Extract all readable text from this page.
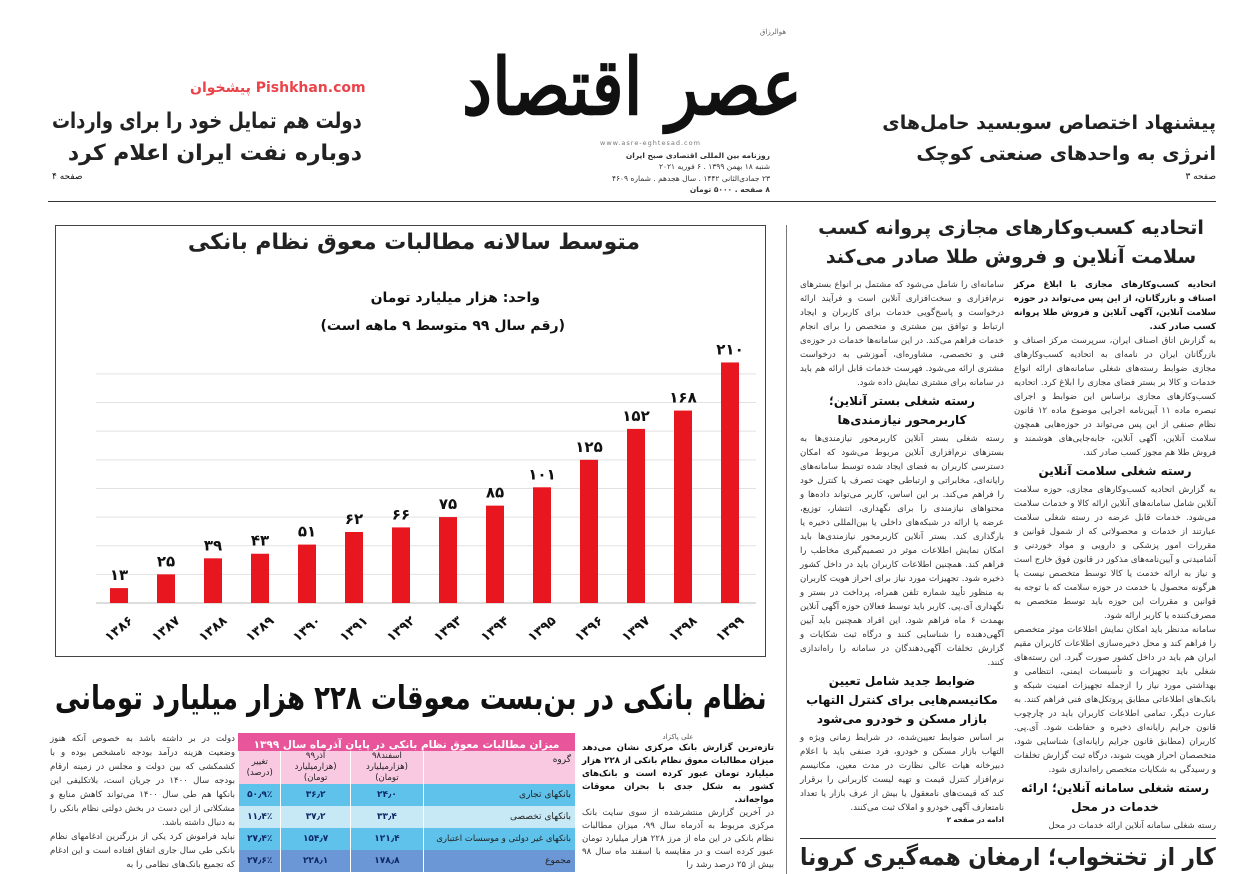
دولت هم تمایل خود را برای واردات
دوباره نفت ایران اعلام کرد
صفحه ۴
پیشخوان Pishkhan.com عصر اقتصاد
هوالرزاق
www.asre-eghtesad.com
روزنامه بین المللی اقتصادی صبح ایران
شنبه ۱۸ بهمن ۱۳۹۹ . ۶ فوریه ۲۰۲۱
۲۳ جمادی‌الثانی ۱۴۴۲ . سال هجدهم . شماره ۴۶۰۹
۸ صفحه . ۵۰۰۰ تومان
پیشنهاد اختصاص سوبسید حامل‌های
انرژی به واحدهای صنعتی کوچک
صفحه ۳
متوسط سالانه مطالبات معوق نظام بانکی
واحد: هزار میلیارد تومان
(رقم سال ۹۹ متوسط ۹ ماهه است)
۱۳
۱۳۸۶
۲۵
۱۳۸۷
۳۹
۱۳۸۸
۴۳
۱۳۸۹
۵۱
۱۳۹۰
۶۲
۱۳۹۱
۶۶
۱۳۹۲
۷۵
۱۳۹۳
۸۵
۱۳۹۴
۱۰۱
۱۳۹۵
۱۲۵
۱۳۹۶
۱۵۲
۱۳۹۷
۱۶۸
۱۳۹۸
۲۱۰
۱۳۹۹
نظام بانکی در بن‌بست معوقات ۲۲۸ هزار میلیارد تومانی

دولت در بر داشته باشد به خصوص آنکه هنوز وضعیت هزینه درآمد بودجه نامشخص بوده و با کشمکشی که بین دولت و مجلس در زمینه ارقام بودجه سال ۱۴۰۰ در جریان است، بلاتکلیفی این بانکها هم طی سال ۱۴۰۰ می‌تواند کاهش منابع و مشکلاتی از این دست در بخش دولتی نظام بانکی را به دنبال داشته باشد.

نباید فراموش کرد یکی از بزرگترین ادغامهای نظام بانکی طی سال جاری اتفاق افتاده است و این ادغام که تجمیع بانک‌های نظامی را به

میزان مطالبات معوق نظام بانکی در پایان آذرماه سال ۱۳۹۹
گروه	اسفند۹۸ (هزارمیلیارد تومان)	آذر۹۹ (هزارمیلیارد تومان)	تغییر (درصد)
بانکهای تجاری	۲۴٫۰	۳۶٫۲	۵۰٫۹٪
بانکهای تخصصی	۳۳٫۴	۳۷٫۲	۱۱٫۴٪
بانکهای غیر دولتی و موسسات اعتباری	۱۲۱٫۴	۱۵۴٫۷	۲۷٫۴٪
مجموع	۱۷۸٫۸	۲۲۸٫۱	۲۷٫۶٪
علی پاکزاد

تازه‌ترین گزارش بانک مرکزی نشان می‌دهد میزان مطالبات معوق نظام بانکی از ۲۲۸ هزار میلیارد تومان عبور کرده است و بانک‌های کشور به شکل جدی با بحران معوقات مواجه‌اند.

در آخرین گزارش منتشرشده از سوی سایت بانک مرکزی مربوط به آذرماه سال ۹۹، میزان مطالبات نظام بانکی در این ماه از مرز ۲۲۸ هزار میلیارد تومان عبور کرده است و در مقایسه با اسفند ماه سال ۹۸ بیش از ۲۵ درصد رشد را

اتحادیه کسب‌وکارهای مجازی پروانه کسب سلامت آنلاین و فروش طلا صادر می‌کند

اتحادیه کسب‌وکارهای مجازی با ابلاغ مرکز اصناف و بازرگانان، از این پس می‌تواند در حوزه سلامت آنلاین، آگهی آنلاین و فروش طلا پروانه کسب صادر کند.

به گزارش اتاق اصناف ایران، سرپرست مرکز اصناف و بازرگانان ایران در نامه‌ای به اتحادیه کسب‌وکارهای مجازی ضوابط رسته‌های شغلی سامانه‌های ارائه انواع خدمات و کالا بر بستر فضای مجازی را ابلاغ کرد. اتحادیه کسب‌وکارهای مجازی براساس این ضوابط و اجرای تبصره ماده ۱۱ آیین‌نامه اجرایی موضوع ماده ۱۲ قانون نظام صنفی از این پس می‌تواند در حوزه‌هایی همچون سلامت آنلاین، آگهی آنلاین، جابه‌جایی‌های هوشمند و فروش طلا هم مجوز کسب صادر کند.

رسته شغلی سلامت آنلاین

به گزارش اتحادیه کسب‌وکارهای مجازی، حوزه سلامت آنلاین شامل سامانه‌های آنلاین ارائه کالا و خدمات سلامت می‌شود. خدمات قابل عرضه در رسته شغلی سلامت عبارتند از خدمات و محصولاتی که از شمول قوانین و مقررات امور پزشکی و دارویی و مواد خوردنی و آشامیدنی و آیین‌نامه‌های مذکور در قانون فوق خارج است و نیاز به ارائه خدمت یا کالا توسط متخصص نیست یا هرگونه محصول یا خدمت در حوزه سلامت که با توجه به قوانین و مقررات این حوزه باید توسط متخصص به مصرف‌کننده یا کاربر ارائه شود.

سامانه مدنظر باید امکان نمایش اطلاعات موثر متخصص را فراهم کند و محل ذخیره‌سازی اطلاعات کاربران مقیم ایران هم باید در داخل کشور صورت گیرد. این رسته‌های شغلی باید تجهیزات و تأسیسات ایمنی، انتظامی و بهداشتی مورد نیاز را ازجمله تجهیزات امنیت شبکه و بانک‌های اطلاعاتی مطابق پروتکل‌های فنی فراهم کنند. به عبارت دیگر، تمامی اطلاعات کاربران باید در چارچوب قانون جرایم رایانه‌ای ذخیره و حفاظت شود. آی.پی. کاربران (مطابق قانون جرایم رایانه‌ای) شناسایی شود، متخصصان احراز هویت شوند، درگاه ثبت گزارش تخلفات و رسیدگی به شکایات متخصص راه‌اندازی شود.

رسته شغلی سامانه آنلاین؛ ارائه خدمات در محل

رسته شغلی سامانه آنلاین ارائه خدمات در محل

سامانه‌ای را شامل می‌شود که مشتمل بر انواع بسترهای نرم‌افزاری و سخت‌افزاری آنلاین است و فرآیند ارائه درخواست و پاسخ‌گویی خدمات برای کاربران و ایجاد ارتباط و توافق بین مشتری و متخصص را برای انجام خدمات فراهم می‌کند. در این سامانه‌ها خدمات در حوزه‌ی فنی و تخصصی، مشاوره‌ای، آموزشی به درخواست مشتری ارائه می‌شود. فهرست خدمات قابل ارائه هم باید در سامانه برای مشتری نمایش داده شود.

رسته شغلی بستر آنلاین؛ کاربرمحور نیازمندی‌ها

رسته شغلی بستر آنلاین کاربرمحور نیازمندی‌ها به بسترهای نرم‌افزاری آنلاین مربوط می‌شود که امکان دسترسی کاربران به فضای ایجاد شده توسط سامانه‌های رایانه‌ای، مخابراتی و ارتباطی جهت تصرف یا کنترل خود را فراهم می‌کند. بر این اساس، کاربر می‌تواند داده‌ها و محتواهای نیازمندی را برای نگهداری، انتشار، توزیع، عرضه یا ارائه در شبکه‌های داخلی یا بین‌المللی ذخیره یا بارگذاری کند. بستر آنلاین کاربرمحور نیازمندی‌ها باید امکان نمایش اطلاعات موثر در تصمیم‌گیری مخاطب را فراهم کند. همچنین اطلاعات کاربران باید در داخل کشور ذخیره شود. تجهیزات مورد نیاز برای احراز هویت کاربران به منظور تأیید شماره تلفن همراه، پرداخت در بستر و نگهداری آی.پی. کاربر باید توسط فعالان حوزه آگهی آنلاین بهمدت ۶ ماه فراهم شود. این افراد همچنین باید آیین آگهی‌دهنده را شناسایی کنند و درگاه ثبت شکایات و گزارش تخلفات آگهی‌دهندگان در سامانه را راه‌اندازی کنند.

ضوابط جدید شامل تعیین مکانیسم‌هایی برای کنترل التهاب بازار مسکن و خودرو می‌شود

بر اساس ضوابط تعیین‌شده، در شرایط زمانی ویژه و التهاب بازار مسکن و خودرو، فرد صنفی باید با اعلام دبیرخانه هیات عالی نظارت در مدت معین، مکانیسم نرم‌افزار کنترل قیمت و تهیه لیست کاربرانی را برقرار کند که قیمت‌های نامعقول یا بیش از عرف بازار یا تعداد نامتعارف آگهی خودرو و املاک ثبت می‌کنند.

ادامه در صفحه ۲
کار از تختخواب؛ ارمغان همه‌گیری کرونا
